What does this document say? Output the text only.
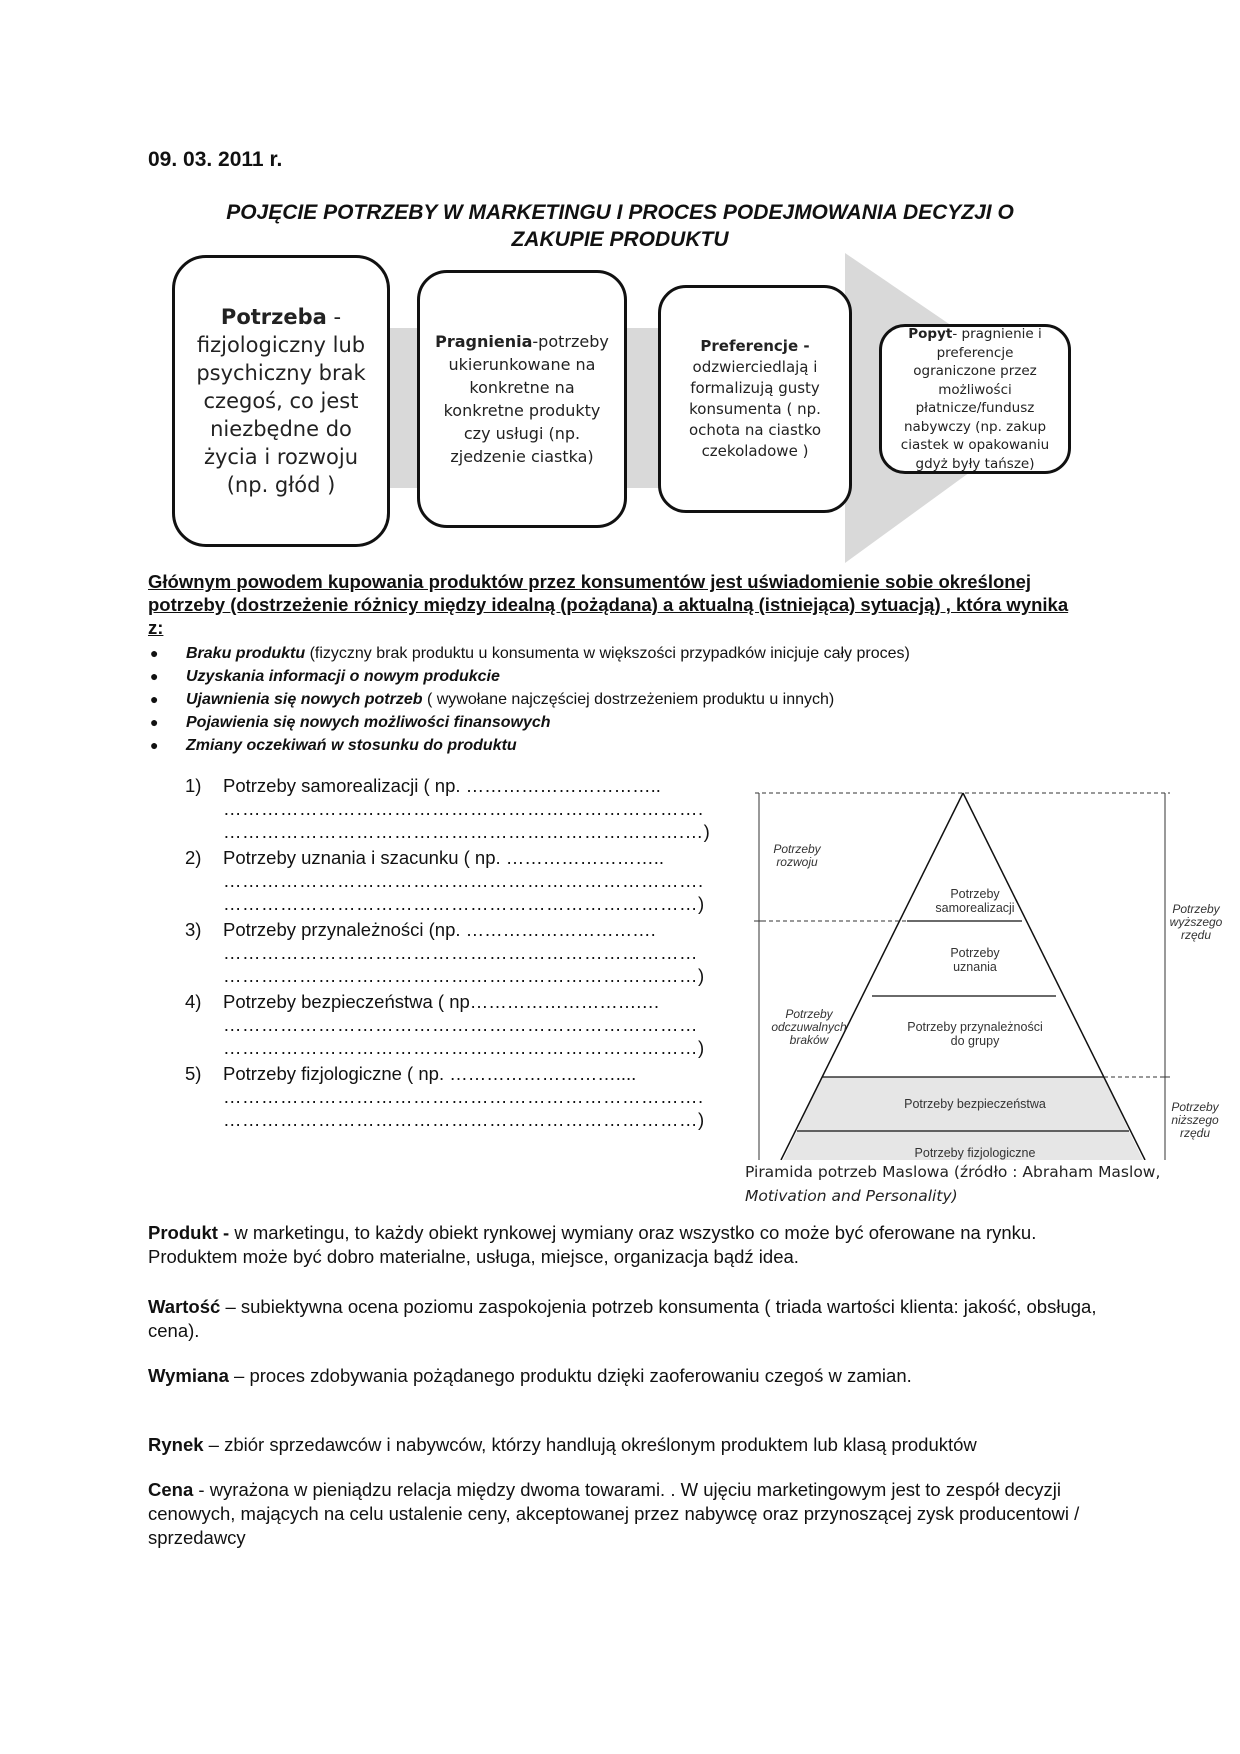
09. 03. 2011 r.
POJĘCIE POTRZEBY W MARKETINGU I PROCES PODEJMOWANIA DECYZJI O
ZAKUPIE PRODUKTU
Potrzeba - fizjologiczny lub psychiczny brak czegoś, co jest niezbędne do życia i rozwoju (np. głód )
Pragnienia-potrzeby ukierunkowane na konkretne na konkretne produkty czy usługi (np. zjedzenie ciastka)
Preferencje - odzwierciedlają i formalizują gusty konsumenta ( np. ochota na ciastko czekoladowe )
Popyt- pragnienie i preferencje ograniczone przez możliwości płatnicze/fundusz nabywczy (np. zakup ciastek w opakowaniu gdyż były tańsze)
Głównym powodem kupowania produktów przez konsumentów jest uświadomienie sobie określonej potrzeby (dostrzeżenie różnicy między idealną (pożądana) a aktualną (istniejąca) sytuacją) , która wynika z:
● Braku produktu (fizyczny brak produktu u konsumenta w większości przypadków inicjuje cały proces)
● Uzyskania informacji o nowym produkcie
● Ujawnienia się nowych potrzeb ( wywołane najczęściej dostrzeżeniem produktu u innych)
● Pojawienia się nowych możliwości finansowych
● Zmiany oczekiwań w stosunku do produktu
1) Potrzeby samorealizacji ( np. …………………………..
………………………………………………………………….
……………………………………………………………….…)
2) Potrzeby uznania i szacunku ( np. ……………………..
………………………………………………………………….
…………………………………………………………………)
3) Potrzeby przynależności (np. ………………………….
…………………………………………………………………
…………………………………………………………………)
4) Potrzeby bezpieczeństwa ( np……………………….…
…………………………………………………………………
…………………………………………………………………)
5) Potrzeby fizjologiczne ( np. ………………………....
………………………………………………………………….
…………………………………………………………………)
Potrzeby samorealizacji
Potrzeby uznania
Potrzeby przynależności do grupy
Potrzeby bezpieczeństwa
Potrzeby fizjologiczne
Potrzeby rozwoju
Potrzeby odczuwalnych braków
Potrzeby wyższego rzędu
Potrzeby niższego rzędu
Piramida potrzeb Maslowa (źródło : Abraham Maslow,
Motivation and Personality)
Produkt - w marketingu, to każdy obiekt rynkowej wymiany oraz wszystko co może być oferowane na rynku. Produktem może być dobro materialne, usługa, miejsce, organizacja bądź idea.
Wartość – subiektywna ocena poziomu zaspokojenia potrzeb konsumenta ( triada wartości klienta: jakość, obsługa, cena).
Wymiana – proces zdobywania pożądanego produktu dzięki zaoferowaniu czegoś w zamian.
Rynek – zbiór sprzedawców i nabywców, którzy handlują określonym produktem lub klasą produktów
Cena - wyrażona w pieniądzu relacja między dwoma towarami. . W ujęciu marketingowym jest to zespół decyzji cenowych, mających na celu ustalenie ceny, akceptowanej przez nabywcę oraz przynoszącej zysk producentowi / sprzedawcy
